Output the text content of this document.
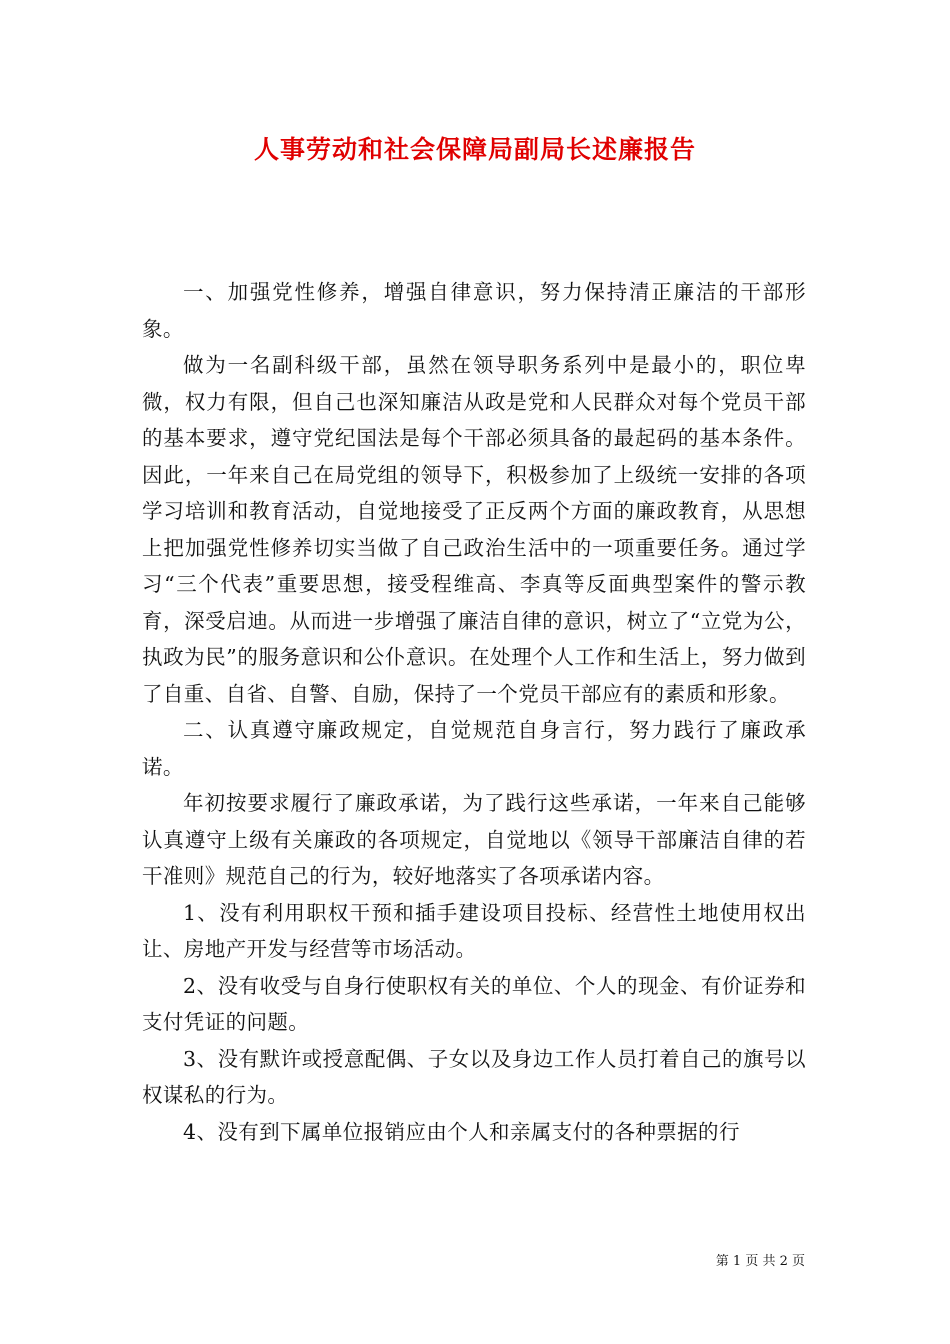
人事劳动和社会保障局副局长述廉报告

一、加强党性修养，增强自律意识，努力保持清正廉洁的干部形象。

做为一名副科级干部，虽然在领导职务系列中是最小的，职位卑微，权力有限，但自己也深知廉洁从政是党和人民群众对每个党员干部的基本要求，遵守党纪国法是每个干部必须具备的最起码的基本条件。因此，一年来自己在局党组的领导下，积极参加了上级统一安排的各项学习培训和教育活动，自觉地接受了正反两个方面的廉政教育，从思想上把加强党性修养切实当做了自己政治生活中的一项重要任务。通过学习“三个代表”重要思想，接受程维高、李真等反面典型案件的警示教育，深受启迪。从而进一步增强了廉洁自律的意识，树立了“立党为公，执政为民”的服务意识和公仆意识。在处理个人工作和生活上，努力做到了自重、自省、自警、自励，保持了一个党员干部应有的素质和形象。

二、认真遵守廉政规定，自觉规范自身言行，努力践行了廉政承诺。

年初按要求履行了廉政承诺，为了践行这些承诺，一年来自己能够认真遵守上级有关廉政的各项规定，自觉地以《领导干部廉洁自律的若干准则》规范自己的行为，较好地落实了各项承诺内容。

1、没有利用职权干预和插手建设项目投标、经营性土地使用权出让、房地产开发与经营等市场活动。

2、没有收受与自身行使职权有关的单位、个人的现金、有价证券和支付凭证的问题。

3、没有默许或授意配偶、子女以及身边工作人员打着自己的旗号以权谋私的行为。

4、没有到下属单位报销应由个人和亲属支付的各种票据的行

第 1 页 共 2 页
